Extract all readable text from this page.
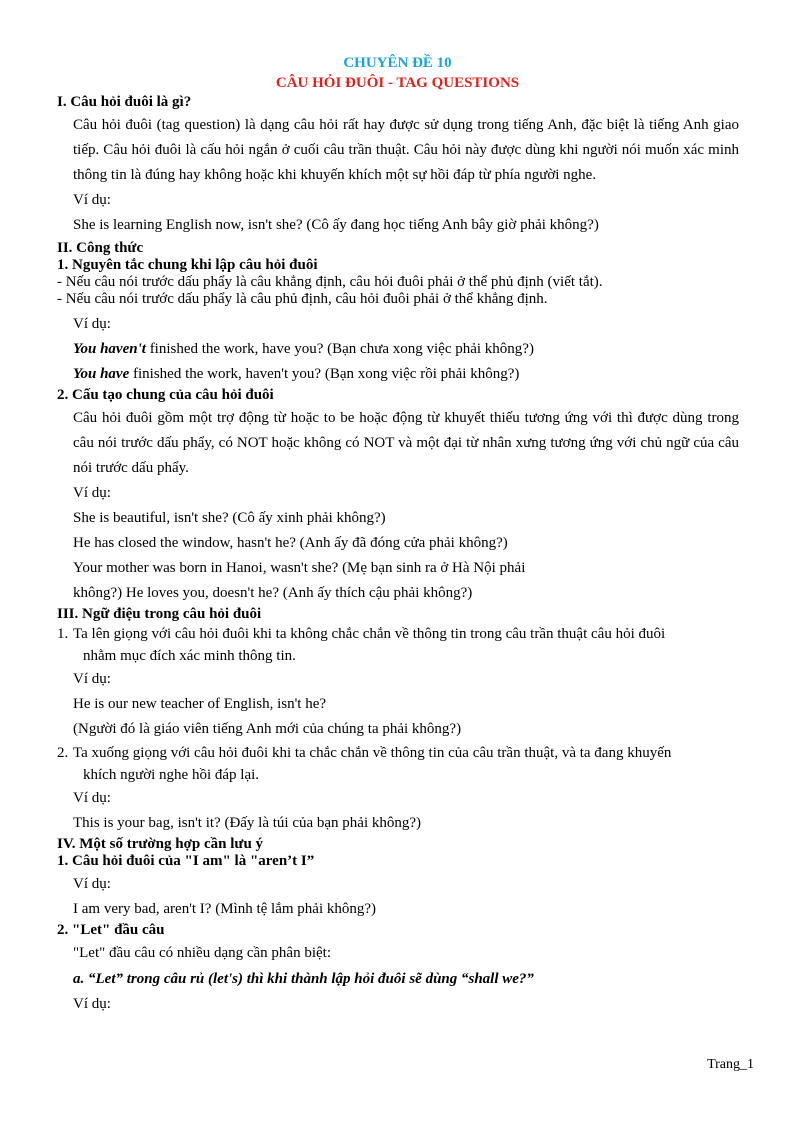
CHUYÊN ĐỀ 10
CÂU HỎI ĐUÔI - TAG QUESTIONS
I. Câu hỏi đuôi là gì?
Câu hỏi đuôi (tag question) là dạng câu hỏi rất hay được sử dụng trong tiếng Anh, đặc biệt là tiếng Anh giao tiếp. Câu hỏi đuôi là cấu hỏi ngắn ở cuối câu trần thuật. Câu hỏi này được dùng khi người nói muốn xác minh thông tin là đúng hay không hoặc khi khuyến khích một sự hồi đáp từ phía người nghe.
Ví dụ:
She is learning English now, isn't she? (Cô ấy đang học tiếng Anh bây giờ phải không?)
II. Công thức
1. Nguyên tắc chung khi lập câu hỏi đuôi
- Nếu câu nói trước dấu phẩy là câu khẳng định, câu hỏi đuôi phải ở thể phủ định (viết tắt).
- Nếu câu nói trước dấu phẩy là câu phủ định, câu hỏi đuôi phải ở thể khẳng định.
Ví dụ:
You haven't finished the work, have you? (Bạn chưa xong việc phải không?)
You have finished the work, haven't you? (Bạn xong việc rồi phải không?)
2. Cấu tạo chung của câu hỏi đuôi
Câu hỏi đuôi gồm một trợ động từ hoặc to be hoặc động từ khuyết thiếu tương ứng với thì được dùng trong câu nói trước dấu phẩy, có NOT hoặc không có NOT và một đại từ nhân xưng tương ứng với chủ ngữ của câu nói trước dấu phẩy.
Ví dụ:
She is beautiful, isn't she? (Cô ấy xinh phải không?)
He has closed the window, hasn't he? (Anh ấy đã đóng cửa phải không?)
Your mother was born in Hanoi, wasn't she? (Mẹ bạn sinh ra ở Hà Nội phải
không?) He loves you, doesn't he? (Anh ấy thích cậu phải không?)
III. Ngữ điệu trong câu hỏi đuôi
1. Ta lên giọng với câu hỏi đuôi khi ta không chắc chắn về thông tin trong câu trần thuật câu hỏi đuôi
nhằm mục đích xác minh thông tin.
Ví dụ:
He is our new teacher of English, isn't he?
(Người đó là giáo viên tiếng Anh mới của chúng ta phải không?)
2. Ta xuống giọng với câu hỏi đuôi khi ta chắc chắn về thông tin của câu trần thuật, và ta đang khuyến
khích người nghe hồi đáp lại.
Ví dụ:
This is your bag, isn't it? (Đấy là túi của bạn phải không?)
IV. Một số trường hợp cần lưu ý
1. Câu hỏi đuôi của "I am" là "aren’t I”
Ví dụ:
I am very bad, aren't I? (Mình tệ lắm phải không?)
2. "Let" đầu câu
"Let" đầu câu có nhiều dạng cần phân biệt:
a. “Let” trong câu rủ (let's) thì khi thành lập hỏi đuôi sẽ dùng “shall we?”
Ví dụ:
Trang_1
